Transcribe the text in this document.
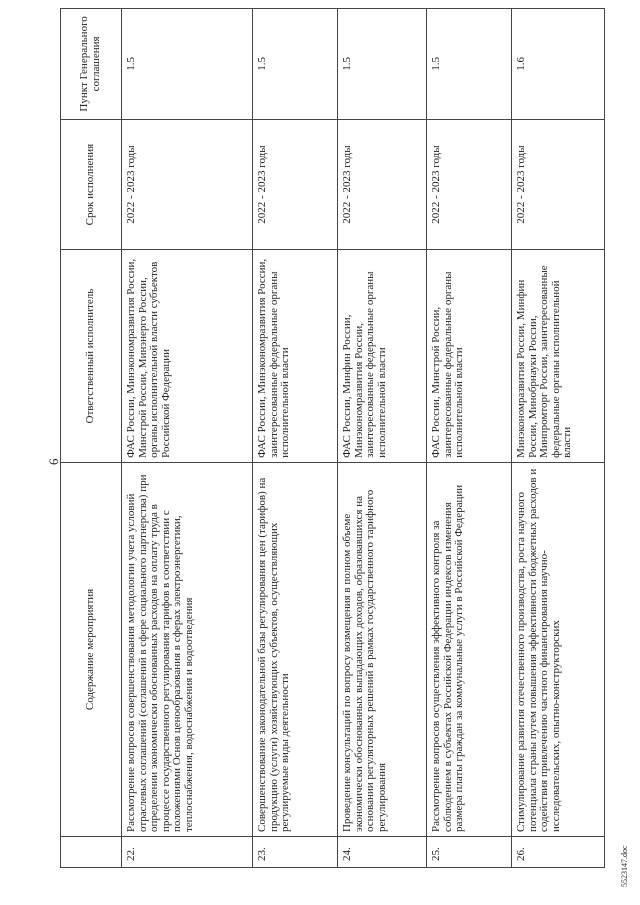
6
	Содержание мероприятия	Ответственный исполнитель	Срок исполнения	Пункт Генерального соглашения
22.	Рассмотрение вопросов совершенствования методологии учета условий отраслевых соглашений (соглашений в сфере социального партнерства) при определении экономически обоснованных расходов на оплату труда в процессе государственного регулирования тарифов в соответствии с положениями Основ ценообразования в сферах электроэнергетики, теплоснабжения, водоснабжения и водоотведения	ФАС России, Минэкономразвития России, Минстрой России, Минэнерго России, органы исполнительной власти субъектов Российской Федерации	2022 - 2023 годы	1.5
23.	Совершенствование законодательной базы регулирования цен (тарифов) на продукцию (услуги) хозяйствующих субъектов, осуществляющих регулируемые виды деятельности	ФАС России, Минэкономразвития России, заинтересованные федеральные органы исполнительной власти	2022 - 2023 годы	1.5
24.	Проведение консультаций по вопросу возмещения в полном объеме экономически обоснованных выпадающих доходов, образовавшихся на основании регуляторных решений в рамках государственного тарифного регулирования	ФАС России, Минфин России, Минэкономразвития России, заинтересованные федеральные органы исполнительной власти	2022 - 2023 годы	1.5
25.	Рассмотрение вопросов осуществления эффективного контроля за соблюдением в субъектах Российской Федерации индексов изменения размера платы граждан за коммунальные услуги в Российской Федерации	ФАС России, Минстрой России, заинтересованные федеральные органы исполнительной власти	2022 - 2023 годы	1.5
26.	Стимулирование развития отечественного производства, роста научного потенциала страны путем повышения эффективности бюджетных расходов и содействия привлечению частного финансирования научно-исследовательских, опытно-конструкторских	Минэкономразвития России, Минфин России, Минобрнауки России, Минпромторг России, заинтересованные федеральные органы исполнительной власти	2022 - 2023 годы	1.6
5523147.doc
